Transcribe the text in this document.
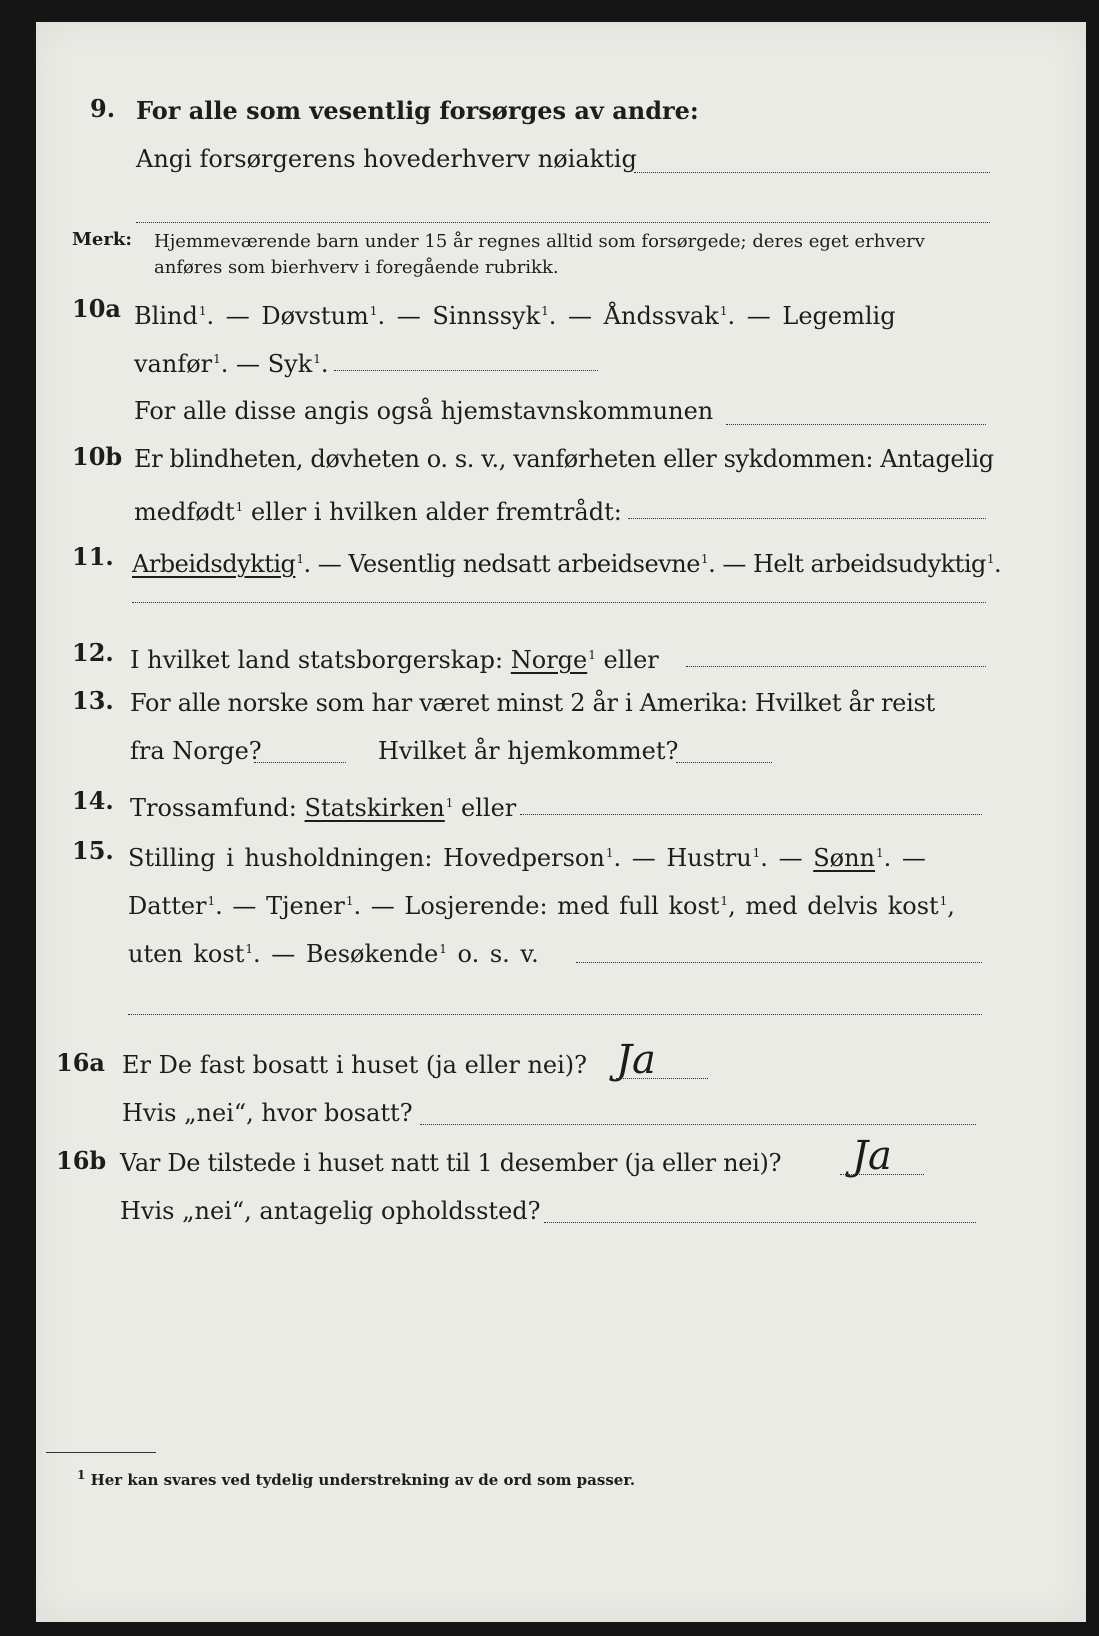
9. For alle som vesentlig forsørges av andre:
Angi forsørgerens hovederhverv nøiaktig
Merk: Hjemmeværende barn under 15 år regnes alltid som forsørgede; deres eget erhverv
anføres som bierhverv i foregående rubrikk.
10a Blind$^1$. — Døvstum$^1$. — Sinnssyk$^1$. — Åndssvak$^1$. — Legemlig
vanfør$^1$. — Syk$^1$.
For alle disse angis også hjemstavnskommunen
10b Er blindheten, døvheten o. s. v., vanførheten eller sykdommen: Antagelig
medfødt$^1$ eller i hvilken alder fremtrådt:
11. Arbeidsdyktig$^1$. — Vesentlig nedsatt arbeidsevne$^1$. — Helt arbeidsudyktig$^1$.
12. I hvilket land statsborgerskap: Norge$^1$ eller
13. For alle norske som har været minst 2 år i Amerika: Hvilket år reist
fra Norge?	Hvilket år hjemkommet?
14. Trossamfund: Statskirken$^1$ eller
15. Stilling i husholdningen: Hovedperson$^1$. — Hustru$^1$. — Sønn$^1$. —
Datter$^1$. — Tjener$^1$. — Losjerende: med full kost$^1$, med delvis kost$^1$,
uten kost$^1$. — Besøkende$^1$ o. s. v.
16a Er De fast bosatt i huset (ja eller nei)? Ja
Hvis „nei“, hvor bosatt?
16b Var De tilstede i huset natt til 1 desember (ja eller nei)? Ja
Hvis „nei“, antagelig opholdssted?
$^1$ Her kan svares ved tydelig understrekning av de ord som passer.
